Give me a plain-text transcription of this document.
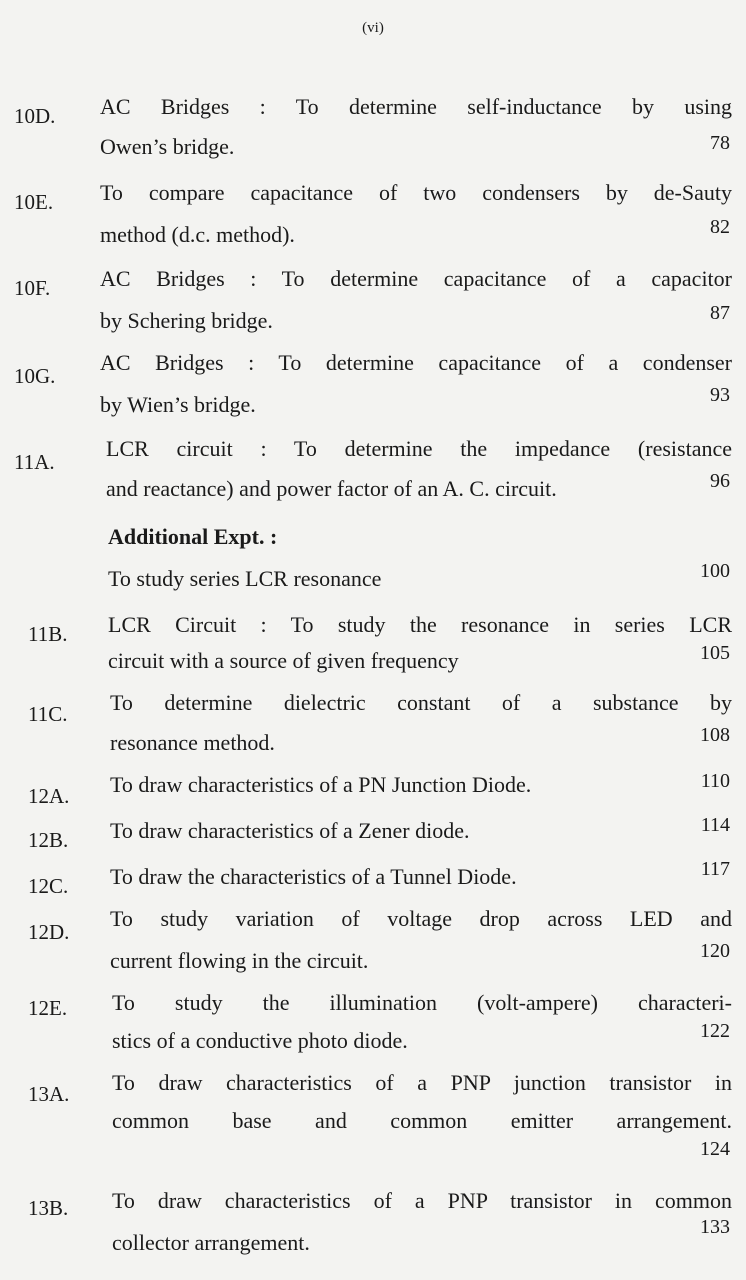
(vi)
10D. AC Bridges : To determine self-inductance by using
Owen’s bridge.	78
10E. To compare capacitance of two condensers by de-Sauty
method (d.c. method).	82
10F. AC Bridges : To determine capacitance of a capacitor
by Schering bridge.	87
10G.
AC Bridges : To determine capacitance of a condenser
by Wien’s bridge.	93
11A.
LCR circuit : To determine the impedance (resistance
and reactance) and power factor of an A. C. circuit.	96
Additional Expt. :
To study series LCR resonance	100
11B. LCR Circuit : To study the resonance in series LCR
circuit with a source of given frequency	105
11C. To determine dielectric constant of a substance by
resonance method.	108
12A. To draw characteristics of a PN Junction Diode.	110
12B. To draw characteristics of a Zener diode.	114
12C. To draw the characteristics of a Tunnel Diode.	117
12D.
To study variation of voltage drop across LED and
current flowing in the circuit.	120
12E. To study the illumination (volt-ampere) characteri-
stics of a conductive photo diode.	122
13A. To draw characteristics of a PNP junction transistor in
common base and common emitter arrangement.
124
13B. To draw characteristics of a PNP transistor in common
collector arrangement.
133
